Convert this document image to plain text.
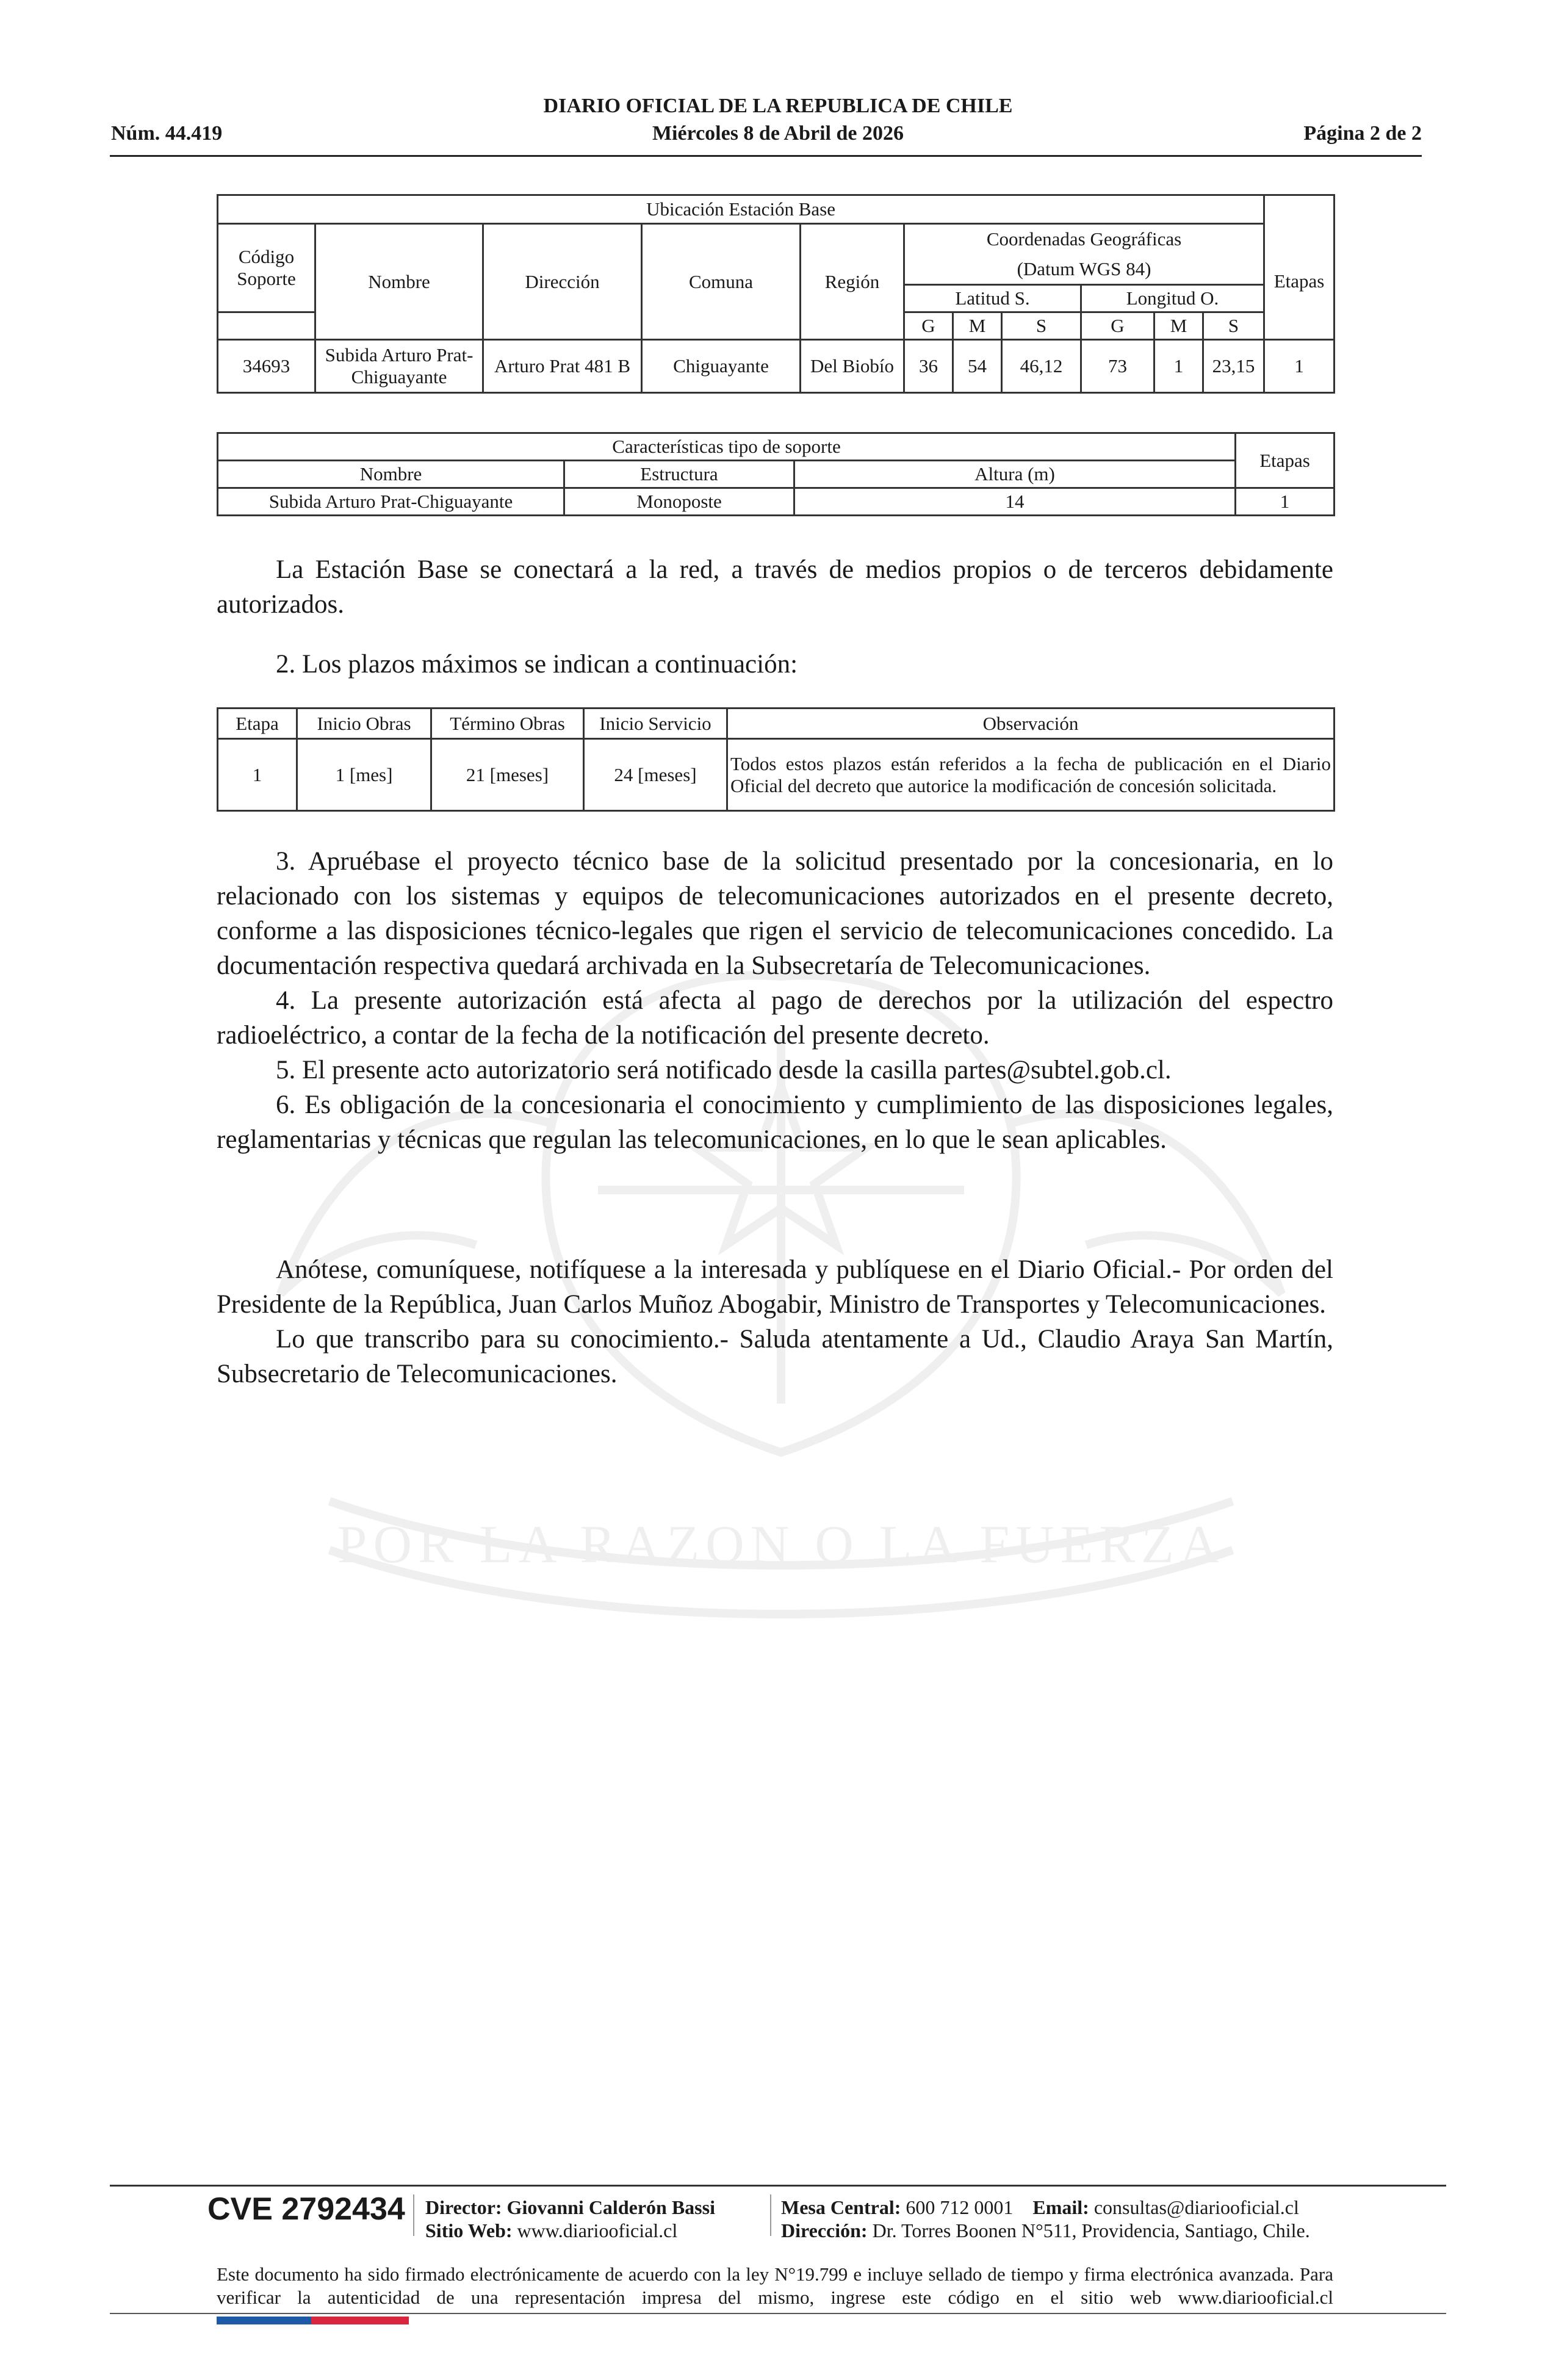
POR LA RAZON O LA FUERZA
DIARIO OFICIAL DE LA REPUBLICA DE CHILE
Miércoles 8 de Abril de 2026
Núm. 44.419	Página 2 de 2
Ubicación Estación Base											
Código Soporte	Nombre	Dirección	Comuna	Región	Coordenadas Geográficas						Etapas
					(Datum WGS 84)						
					Latitud S.			Longitud O.			
					G	M	S	G	M	S	
34693	Subida Arturo Prat-Chiguayante	Arturo Prat 481 B	Chiguayante	Del Biobío	36	54	46,12	73	1	23,15	1
Características tipo de soporte			Etapas
Nombre	Estructura	Altura (m)	
Subida Arturo Prat-Chiguayante	Monoposte	14	1

La Estación Base se conectará a la red, a través de medios propios o de terceros debidamente autorizados.

2. Los plazos máximos se indican a continuación:

Etapa	Inicio Obras	Término Obras	Inicio Servicio	Observación
1	1 [mes]	21 [meses]	24 [meses]	Todos estos plazos están referidos a la fecha de publicación en el Diario Oficial del decreto que autorice la modificación de concesión solicitada.

3. Apruébase el proyecto técnico base de la solicitud presentado por la concesionaria, en lo relacionado con los sistemas y equipos de telecomunicaciones autorizados en el presente decreto, conforme a las disposiciones técnico-legales que rigen el servicio de telecomunicaciones concedido. La documentación respectiva quedará archivada en la Subsecretaría de Telecomunicaciones.

4. La presente autorización está afecta al pago de derechos por la utilización del espectro radioeléctrico, a contar de la fecha de la notificación del presente decreto.

5. El presente acto autorizatorio será notificado desde la casilla partes@subtel.gob.cl.

6. Es obligación de la concesionaria el conocimiento y cumplimiento de las disposiciones legales, reglamentarias y técnicas que regulan las telecomunicaciones, en lo que le sean aplicables.

Anótese, comuníquese, notifíquese a la interesada y publíquese en el Diario Oficial.- Por orden del Presidente de la República, Juan Carlos Muñoz Abogabir, Ministro de Transportes y Telecomunicaciones.

Lo que transcribo para su conocimiento.- Saluda atentamente a Ud., Claudio Araya San Martín, Subsecretario de Telecomunicaciones.

CVE 2792434 Director: Giovanni Calderón Bassi
Sitio Web: www.diariooficial.cl
Mesa Central: 600 712 0001 Email: consultas@diariooficial.cl
Dirección: Dr. Torres Boonen N°511, Providencia, Santiago, Chile.
Este documento ha sido firmado electrónicamente de acuerdo con la ley N°19.799 e incluye sellado de tiempo y firma electrónica avanzada. Para verificar la autenticidad de una representación impresa del mismo, ingrese este código en el sitio web www.diariooficial.cl
